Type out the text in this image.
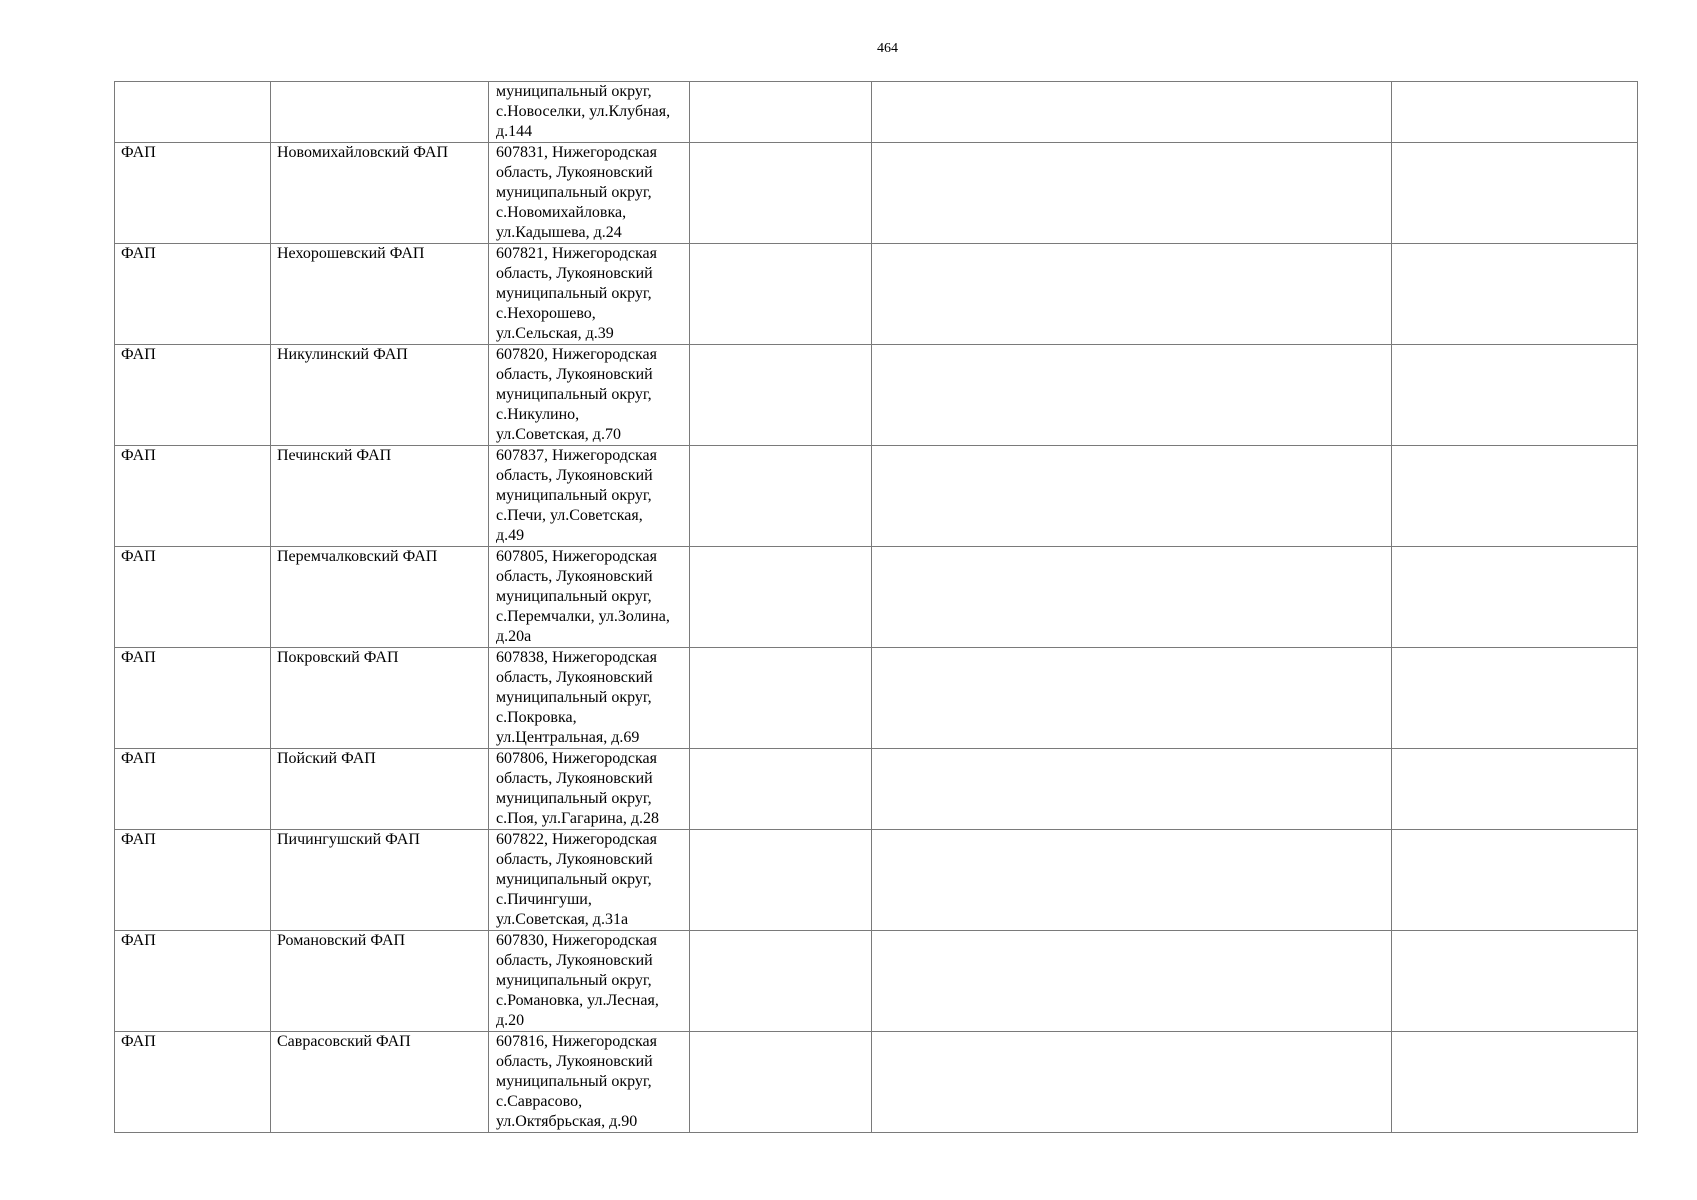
464

		муниципальный округ,
с.Новоселки, ул.Клубная,
д.144			

ФАП	Новомихайловский ФАП	607831, Нижегородская
область, Лукояновский
муниципальный округ,
с.Новомихайловка,
ул.Кадышева, д.24			

ФАП	Нехорошевский ФАП	607821, Нижегородская
область, Лукояновский
муниципальный округ,
с.Нехорошево,
ул.Сельская, д.39			

ФАП	Никулинский ФАП	607820, Нижегородская
область, Лукояновский
муниципальный округ,
с.Никулино,
ул.Советская, д.70			

ФАП	Печинский ФАП	607837, Нижегородская
область, Лукояновский
муниципальный округ,
с.Печи, ул.Советская,
д.49			

ФАП	Перемчалковский ФАП	607805, Нижегородская
область, Лукояновский
муниципальный округ,
с.Перемчалки, ул.Золина,
д.20а			

ФАП	Покровский ФАП	607838, Нижегородская
область, Лукояновский
муниципальный округ,
с.Покровка,
ул.Центральная, д.69			

ФАП	Пойский ФАП	607806, Нижегородская
область, Лукояновский
муниципальный округ,
с.Поя, ул.Гагарина, д.28			

ФАП	Пичингушский ФАП	607822, Нижегородская
область, Лукояновский
муниципальный округ,
с.Пичингуши,
ул.Советская, д.31а			

ФАП	Романовский ФАП	607830, Нижегородская
область, Лукояновский
муниципальный округ,
с.Романовка, ул.Лесная,
д.20			

ФАП	Саврасовский ФАП	607816, Нижегородская
область, Лукояновский
муниципальный округ,
с.Саврасово,
ул.Октябрьская, д.90			
